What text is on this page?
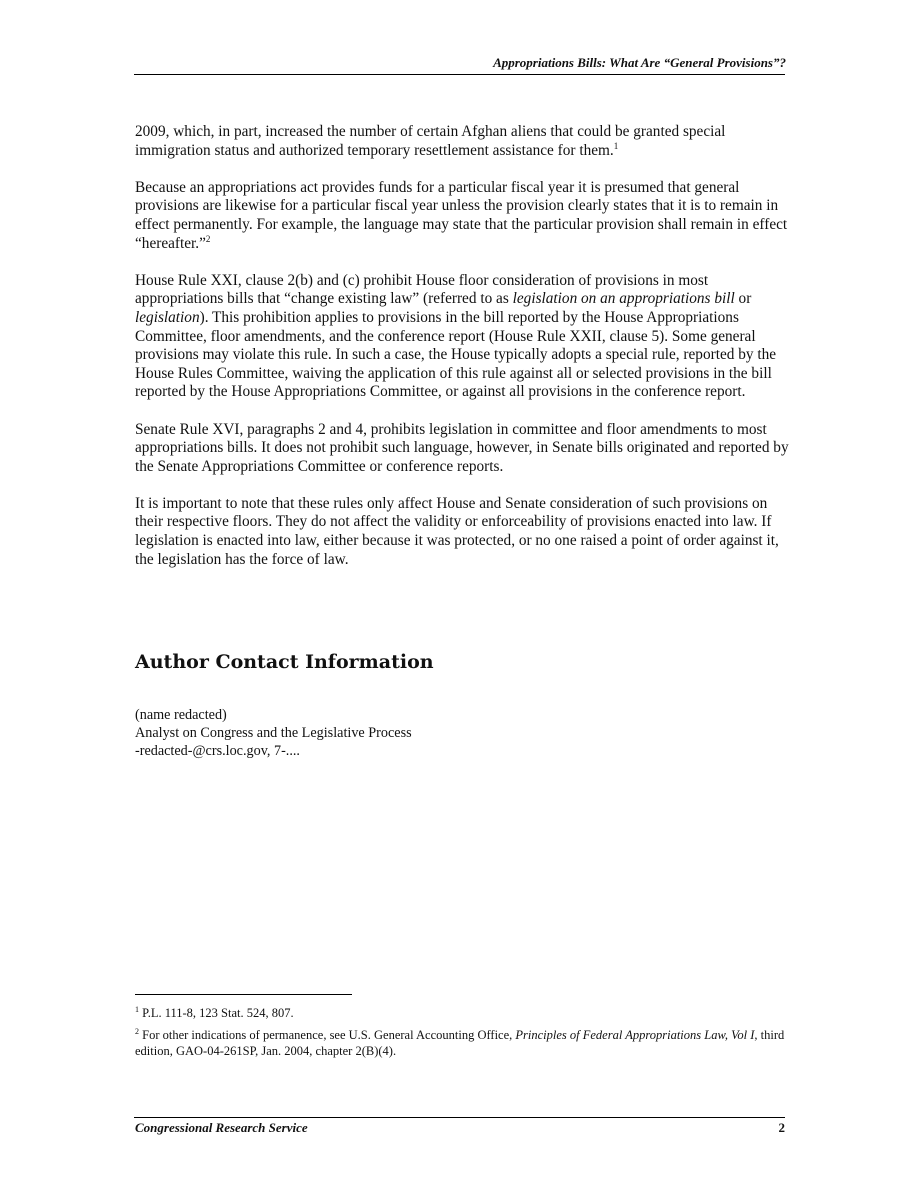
Appropriations Bills: What Are “General Provisions”?

2009, which, in part, increased the number of certain Afghan aliens that could be granted special immigration status and authorized temporary resettlement assistance for them.$^1$

Because an appropriations act provides funds for a particular fiscal year it is presumed that general provisions are likewise for a particular fiscal year unless the provision clearly states that it is to remain in effect permanently. For example, the language may state that the particular provision shall remain in effect “hereafter.”$^2$

House Rule XXI, clause 2(b) and (c) prohibit House floor consideration of provisions in most appropriations bills that “change existing law” (referred to as legislation on an appropriations bill or legislation). This prohibition applies to provisions in the bill reported by the House Appropriations Committee, floor amendments, and the conference report (House Rule XXII, clause 5). Some general provisions may violate this rule. In such a case, the House typically adopts a special rule, reported by the House Rules Committee, waiving the application of this rule against all or selected provisions in the bill reported by the House Appropriations Committee, or against all provisions in the conference report.

Senate Rule XVI, paragraphs 2 and 4, prohibits legislation in committee and floor amendments to most appropriations bills. It does not prohibit such language, however, in Senate bills originated and reported by the Senate Appropriations Committee or conference reports.

It is important to note that these rules only affect House and Senate consideration of such provisions on their respective floors. They do not affect the validity or enforceability of provisions enacted into law. If legislation is enacted into law, either because it was protected, or no one raised a point of order against it, the legislation has the force of law.

Author Contact Information
(name redacted)
Analyst on Congress and the Legislative Process
-redacted-@crs.loc.gov, 7-....
$^1$ P.L. 111-8, 123 Stat. 524, 807.
$^2$ For other indications of permanence, see U.S. General Accounting Office, Principles of Federal Appropriations Law, Vol I, third edition, GAO-04-261SP, Jan. 2004, chapter 2(B)(4).
Congressional Research Service	2
